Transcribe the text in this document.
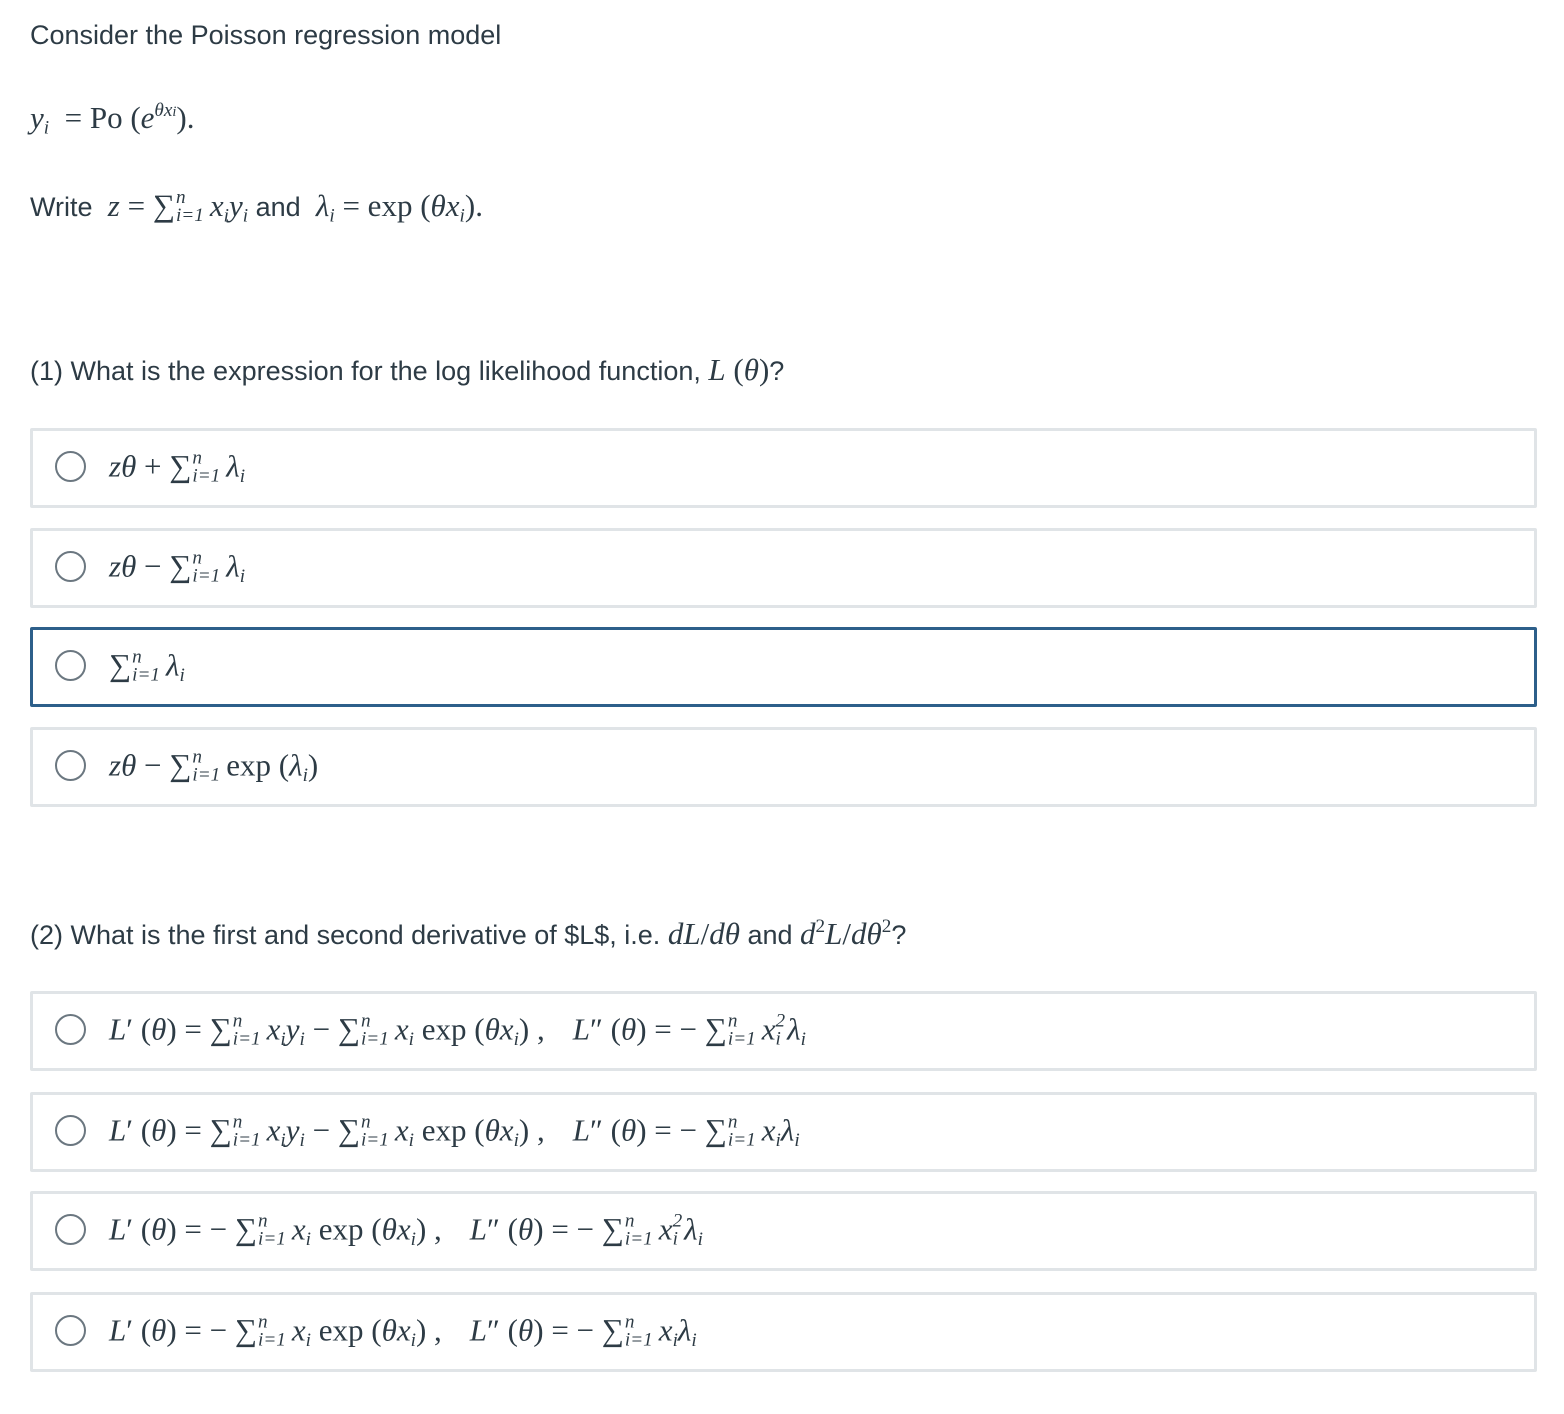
Consider the Poisson regression model
$y_i = Po$ $(e^{\theta xi})$.
Write z = ∑ n
i=1 $x_iy_i$ and $\lambda_i = \exp (\theta x_i)$.
(1) What is the expression for the log likelihood function, L (θ)?
zθ + ∑ n
i=1 $\lambda_i$
zθ − ∑ n
i=1 $\lambda_i$
∑ n
i=1 $\lambda_i$
zθ − ∑ n
i=1 $\exp (\lambda_i)$
(2) What is the first and second derivative of $L$, i.e. dL/dθ and $d^2L/d\theta^2$?
L′ (θ) = ∑ n
i=1 $x_iy_i$ − ∑ n
i=1 $x_i$ $\exp (\theta x_i)$ , L″ (θ) = − ∑ n
i=1 x 2
i $\lambda_i$
L′ (θ) = ∑ n
i=1 $x_iy_i$ − ∑ n
i=1 $x_i$ $\exp (\theta x_i)$ , L″ (θ) = − ∑ n
i=1 $x_i\lambda_i$
L′ (θ) = − ∑ n
i=1 $x_i$ $\exp (\theta x_i)$ , L″ (θ) = − ∑ n
i=1 x 2
i $\lambda_i$
L′ (θ) = − ∑ n
i=1 $x_i$ $\exp (\theta x_i)$ , L″ (θ) = − ∑ n
i=1 $x_i\lambda_i$
